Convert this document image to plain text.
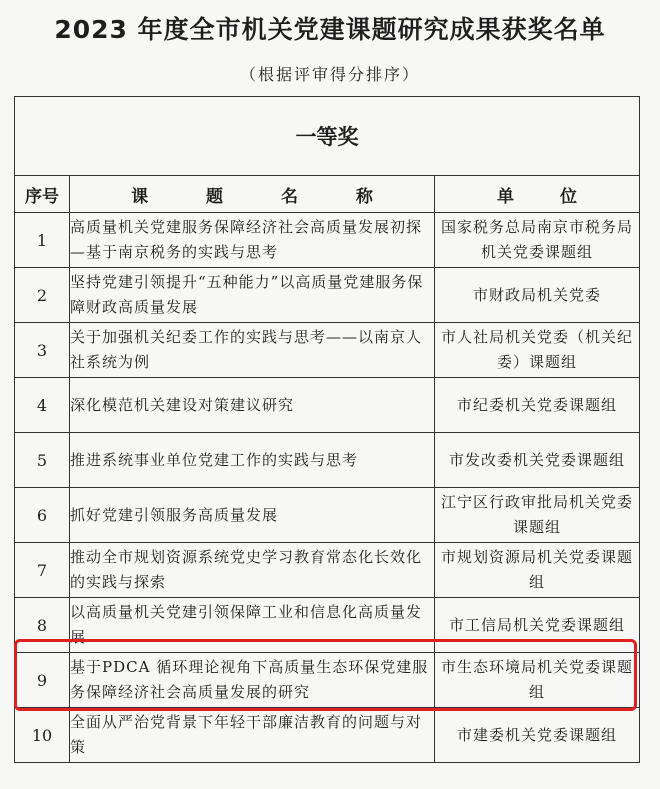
2023 年度全市机关党建课题研究成果获奖名单
（根据评审得分排序）
一等奖		
序号	课 题 名 称	单 位
1	高质量机关党建服务保障经济社会高质量发展初探—基于南京税务的实践与思考	国家税务总局南京市税务局机关党委课题组
2	坚持党建引领提升“五种能力”以高质量党建服务保障财政高质量发展	市财政局机关党委
3	关于加强机关纪委工作的实践与思考——以南京人社系统为例	市人社局机关党委（机关纪委）课题组
4	深化模范机关建设对策建议研究	市纪委机关党委课题组
5	推进系统事业单位党建工作的实践与思考	市发改委机关党委课题组
6	抓好党建引领服务高质量发展	江宁区行政审批局机关党委课题组
7	推动全市规划资源系统党史学习教育常态化长效化的实践与探索	市规划资源局机关党委课题组
8	以高质量机关党建引领保障工业和信息化高质量发展	市工信局机关党委课题组
9	基于PDCA 循环理论视角下高质量生态环保党建服务保障经济社会高质量发展的研究	市生态环境局机关党委课题组
10	全面从严治党背景下年轻干部廉洁教育的问题与对策	市建委机关党委课题组
